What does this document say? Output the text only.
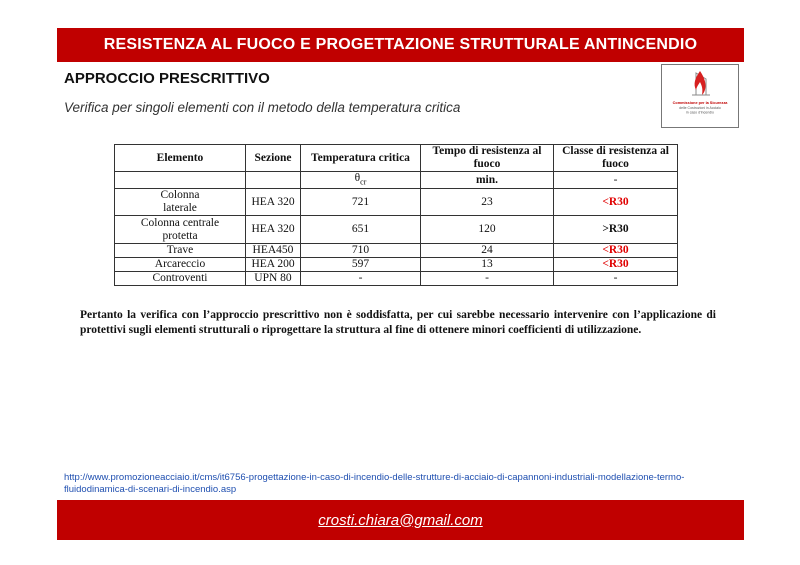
RESISTENZA AL FUOCO E PROGETTAZIONE STRUTTURALE ANTINCENDIO
APPROCCIO PRESCRITTIVO
Verifica per singoli elementi con il metodo della temperatura critica	Commissione per la Sicurezza
delle Costruzioni in Acciaio
in caso d'Incendio
Elemento	Sezione	Temperatura critica	Tempo di resistenza al fuoco	Classe di resistenza al fuoco
		$\theta_{cr}$	min.	-
Colonna laterale	HEA 320	721	23	<R30
Colonna centrale protetta	HEA 320	651	120	>R30
Trave	HEA450	710	24	<R30
Arcareccio	HEA 200	597	13	<R30
Controventi	UPN 80	-	-	-
Pertanto la verifica con l’approccio prescrittivo non è soddisfatta, per cui sarebbe necessario intervenire con l’applicazione di protettivi sugli elementi strutturali o riprogettare la struttura al fine di ottenere minori coefficienti di utilizzazione.
http://www.promozioneacciaio.it/cms/it6756-progettazione-in-caso-di-incendio-delle-strutture-di-acciaio-di-capannoni-industriali-modellazione-termo-fluidodinamica-di-scenari-di-incendio.asp
crosti.chiara@gmail.com
